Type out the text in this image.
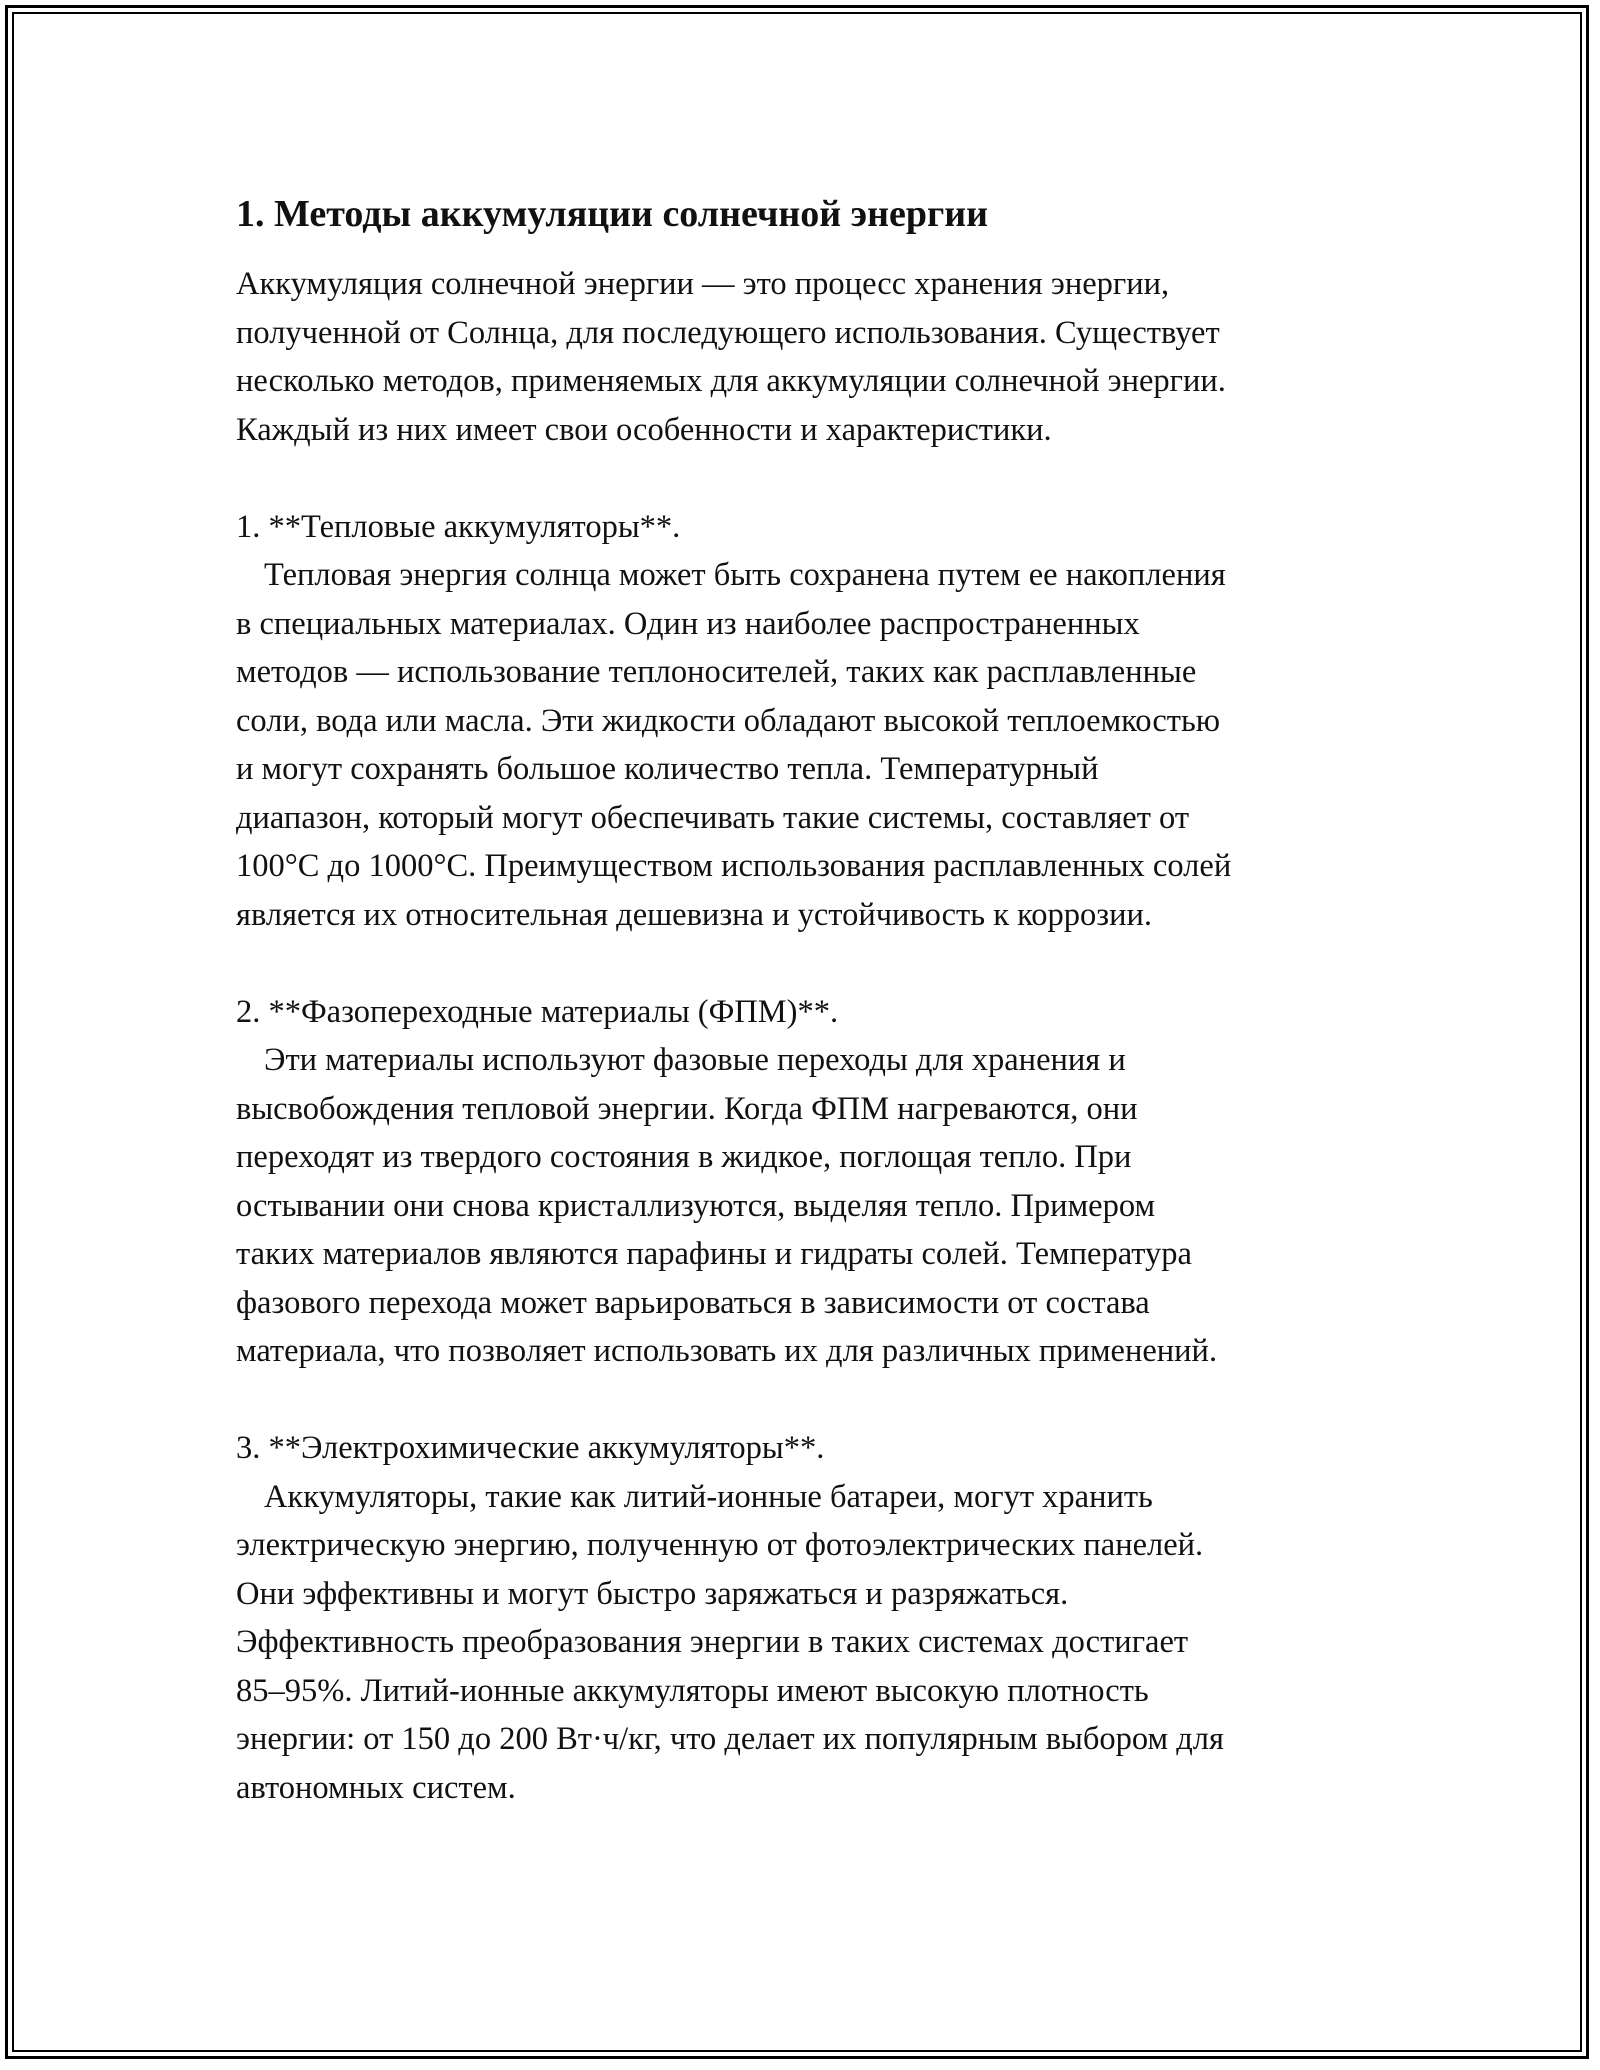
1. Методы аккумуляции солнечной энергии
Аккумуляция солнечной энергии — это процесс хранения энергии,
полученной от Солнца, для последующего использования. Существует
несколько методов, применяемых для аккумуляции солнечной энергии.
Каждый из них имеет свои особенности и характеристики.
1. **Тепловые аккумуляторы**.
Тепловая энергия солнца может быть сохранена путем ее накопления
в специальных материалах. Один из наиболее распространенных
методов — использование теплоносителей, таких как расплавленные
соли, вода или масла. Эти жидкости обладают высокой теплоемкостью
и могут сохранять большое количество тепла. Температурный
диапазон, который могут обеспечивать такие системы, составляет от
100°C до 1000°C. Преимуществом использования расплавленных солей
является их относительная дешевизна и устойчивость к коррозии.
2. **Фазопереходные материалы (ФПМ)**.
Эти материалы используют фазовые переходы для хранения и
высвобождения тепловой энергии. Когда ФПМ нагреваются, они
переходят из твердого состояния в жидкое, поглощая тепло. При
остывании они снова кристаллизуются, выделяя тепло. Примером
таких материалов являются парафины и гидраты солей. Температура
фазового перехода может варьироваться в зависимости от состава
материала, что позволяет использовать их для различных применений.
3. **Электрохимические аккумуляторы**.
Аккумуляторы, такие как литий-ионные батареи, могут хранить
электрическую энергию, полученную от фотоэлектрических панелей.
Они эффективны и могут быстро заряжаться и разряжаться.
Эффективность преобразования энергии в таких системах достигает
85–95%. Литий-ионные аккумуляторы имеют высокую плотность
энергии: от 150 до 200 Вт·ч/кг, что делает их популярным выбором для
автономных систем.
